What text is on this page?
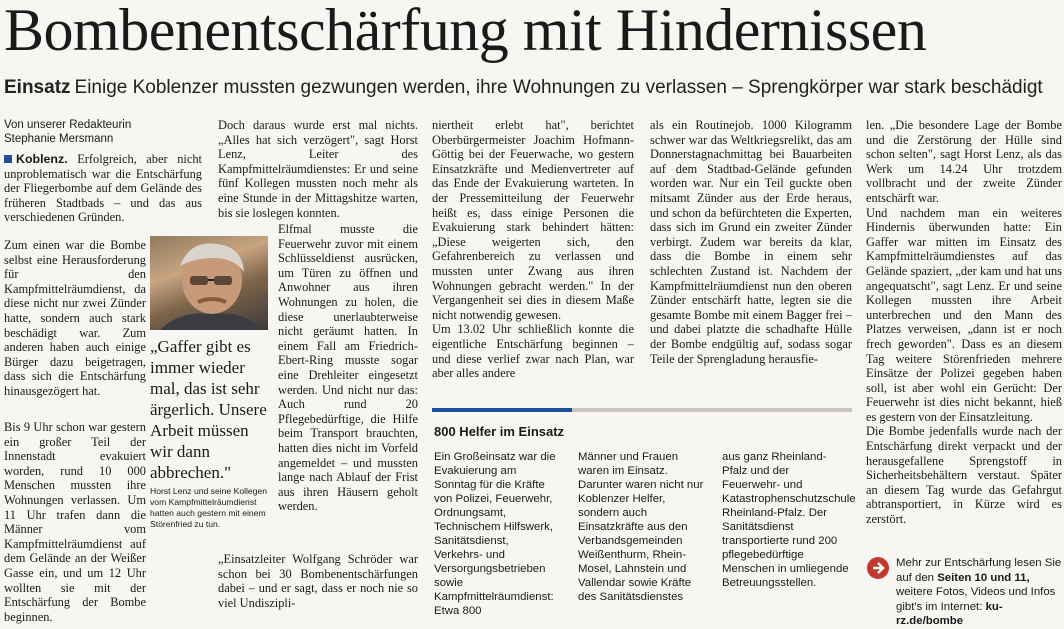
Bombenentschärfung mit Hindernissen
Einsatz Einige Koblenzer mussten gezwungen werden, ihre Wohnungen zu verlassen – Sprengkörper war stark beschädigt
Von unserer Redakteurin
Stephanie Mersmann
Koblenz. Erfolgreich, aber nicht unproblematisch war die Entschärfung der Fliegerbombe auf dem Gelände des früheren Stadtbads – und das aus verschiedenen Gründen.
Zum einen war die Bombe selbst eine Herausforderung für den Kampfmittelräumdienst, da diese nicht nur zwei Zünder hatte, sondern auch stark beschädigt war. Zum anderen haben auch einige Bürger dazu beigetragen, dass sich die Entschärfung hinausgezögert hat.
„Gaffer gibt es immer wieder mal, das ist sehr ärgerlich. Unsere Arbeit müssen wir dann abbrechen."
Horst Lenz und seine Kollegen vom Kampfmittelräumdienst hatten auch gestern mit einem Störenfried zu tun.
Bis 9 Uhr schon war gestern ein großer Teil der Innenstadt evakuiert worden, rund 10 000 Menschen mussten ihre Wohnungen verlassen. Um 11 Uhr trafen dann die Männer vom Kampfmittelräumdienst auf dem Gelände an der Weißer Gasse ein, und um 12 Uhr wollten sie mit der Entschärfung der Bombe beginnen.
Doch daraus wurde erst mal nichts. „Alles hat sich verzögert", sagt Horst Lenz, Leiter des Kampfmittelräumdienstes: Er und seine fünf Kollegen mussten noch mehr als eine Stunde in der Mittagshitze warten, bis sie loslegen konnten.
Elfmal musste die Feuerwehr zuvor mit einem Schlüsseldienst ausrücken, um Türen zu öffnen und Anwohner aus ihren Wohnungen zu holen, die diese unerlaubterweise nicht geräumt hatten. In einem Fall am Friedrich-Ebert-Ring musste sogar eine Drehleiter eingesetzt werden. Und nicht nur das: Auch rund 20 Pflegebedürftige, die Hilfe beim Transport brauchten, hatten dies nicht im Vorfeld angemeldet – und mussten lange nach Ablauf der Frist aus ihren Häusern geholt werden.
„Einsatzleiter Wolfgang Schröder war schon bei 30 Bombenentschärfungen dabei – und er sagt, dass er noch nie so viel Undiszipli-
niertheit erlebt hat", berichtet Oberbürgermeister Joachim Hofmann-Göttig bei der Feuerwache, wo gestern Einsatzkräfte und Medienvertreter auf das Ende der Evakuierung warteten. In der Pressemitteilung der Feuerwehr heißt es, dass einige Personen die Evakuierung stark behindert hätten: „Diese weigerten sich, den Gefahrenbereich zu verlassen und mussten unter Zwang aus ihren Wohnungen gebracht werden." In der Vergangenheit sei dies in diesem Maße nicht notwendig gewesen.
Um 13.02 Uhr schließlich konnte die eigentliche Entschärfung beginnen – und diese verlief zwar nach Plan, war aber alles andere
als ein Routinejob. 1000 Kilogramm schwer war das Weltkriegsrelikt, das am Donnerstagnachmittag bei Bauarbeiten auf dem Stadtbad-Gelände gefunden worden war. Nur ein Teil guckte oben mitsamt Zünder aus der Erde heraus, und schon da befürchteten die Experten, dass sich im Grund ein zweiter Zünder verbirgt. Zudem war bereits da klar, dass die Bombe in einem sehr schlechten Zustand ist. Nachdem der Kampfmittelräumdienst nun den oberen Zünder entschärft hatte, legten sie die gesamte Bombe mit einem Bagger frei – und dabei platzte die schadhafte Hülle der Bombe endgültig auf, sodass sogar Teile der Sprengladung herausfie-
len. „Die besondere Lage der Bombe und die Zerstörung der Hülle sind schon selten", sagt Horst Lenz, als das Werk um 14.24 Uhr trotzdem vollbracht und der zweite Zünder entschärft war.
Und nachdem man ein weiteres Hindernis überwunden hatte: Ein Gaffer war mitten im Einsatz des Kampfmittelräumdienstes auf das Gelände spaziert, „der kam und hat uns angequatscht", sagt Lenz. Er und seine Kollegen mussten ihre Arbeit unterbrechen und den Mann des Platzes verweisen, „dann ist er noch frech geworden". Dass es an diesem Tag weitere Störenfrieden mehrere Einsätze der Polizei gegeben haben soll, ist aber wohl ein Gerücht: Der Feuerwehr ist dies nicht bekannt, hieß es gestern von der Einsatzleitung.
Die Bombe jedenfalls wurde nach der Entschärfung direkt verpackt und der herausgefallene Sprengstoff in Sicherheitsbehältern verstaut. Später an diesem Tag wurde das Gefahrgut abtransportiert, in Kürze wird es zerstört.
800 Helfer im Einsatz
Ein Großeinsatz war die Evakuierung am Sonntag für die Kräfte von Polizei, Feuerwehr, Ordnungsamt, Technischem Hilfswerk, Sanitätsdienst, Verkehrs- und Versorgungsbetrieben sowie Kampfmittelräumdienst: Etwa 800
Männer und Frauen waren im Einsatz. Darunter waren nicht nur Koblenzer Helfer, sondern auch Einsatzkräfte aus den Verbandsgemeinden Weißenthurm, Rhein-Mosel, Lahnstein und Vallendar sowie Kräfte des Sanitätsdienstes
aus ganz Rheinland-Pfalz und der Feuerwehr- und Katastrophenschutzschule Rheinland-Pfalz. Der Sanitätsdienst transportierte rund 200 pflegebedürftige Menschen in umliegende Betreuungsstellen.
Mehr zur Entschärfung lesen Sie auf den Seiten 10 und 11, weitere Fotos, Videos und Infos gibt's im Internet: ku-rz.de/bombe
